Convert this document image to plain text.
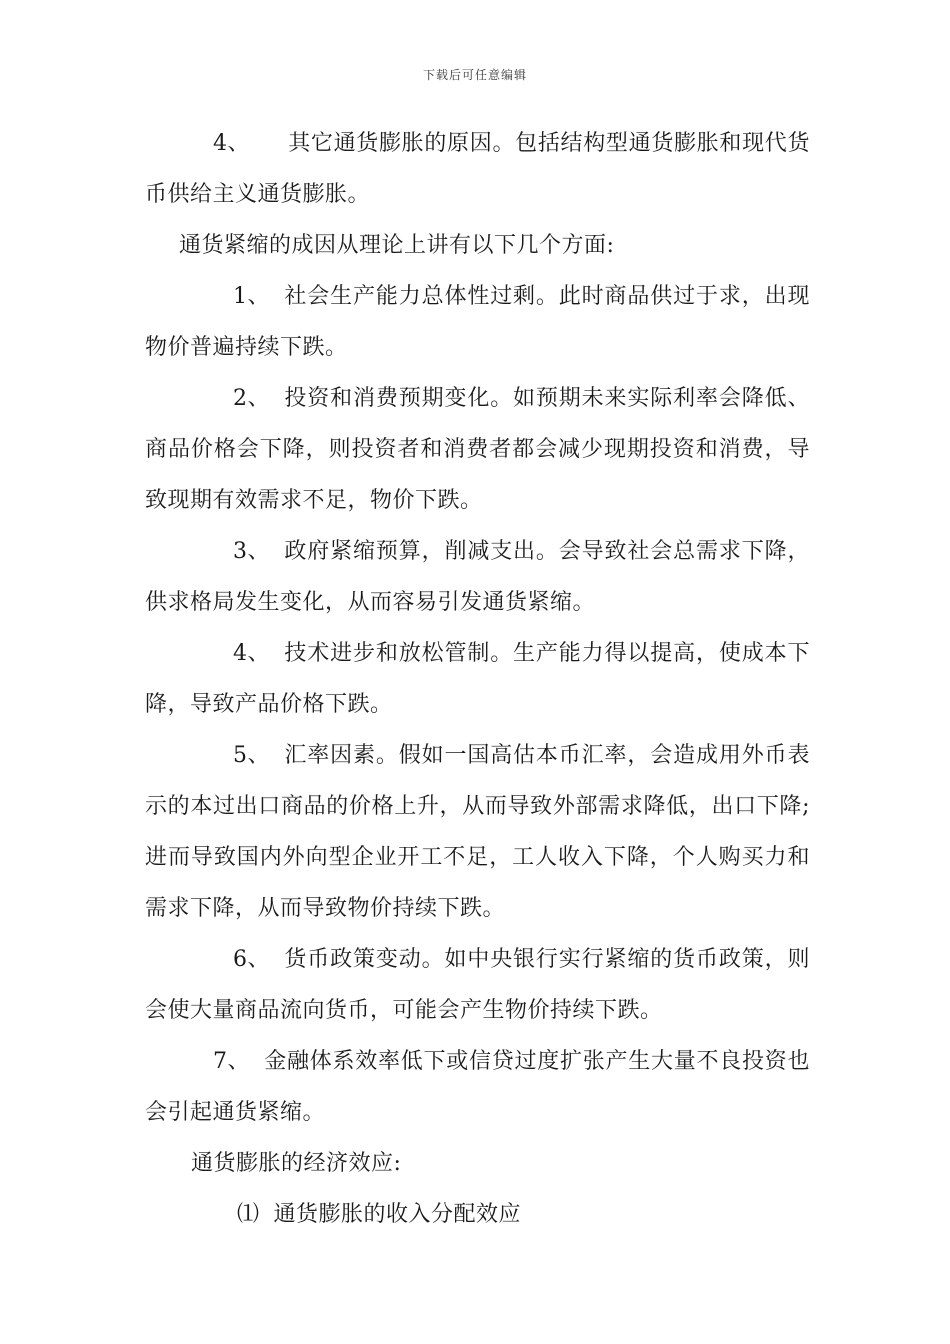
下载后可任意编辑

4、 其它通货膨胀的原因。包括结构型通货膨胀和现代货币供给主义通货膨胀。

通货紧缩的成因从理论上讲有以下几个方面:

1、 社会生产能力总体性过剩。此时商品供过于求，出现物价普遍持续下跌。

2、 投资和消费预期变化。如预期未来实际利率会降低、 商品价格会下降，则投资者和消费者都会减少现期投资和消费，导致现期有效需求不足，物价下跌。

3、 政府紧缩预算，削减支出。会导致社会总需求下降，供求格局发生变化，从而容易引发通货紧缩。

4、 技术进步和放松管制。生产能力得以提高，使成本下降，导致产品价格下跌。

5、 汇率因素。假如一国高估本币汇率，会造成用外币表示的本过出口商品的价格上升，从而导致外部需求降低，出口下降;进而导致国内外向型企业开工不足，工人收入下降，个人购买力和需求下降，从而导致物价持续下跌。

6、 货币政策变动。如中央银行实行紧缩的货币政策，则会使大量商品流向货币，可能会产生物价持续下跌。

7、 金融体系效率低下或信贷过度扩张产生大量不良投资也会引起通货紧缩。

通货膨胀的经济效应:

⑴ 通货膨胀的收入分配效应
